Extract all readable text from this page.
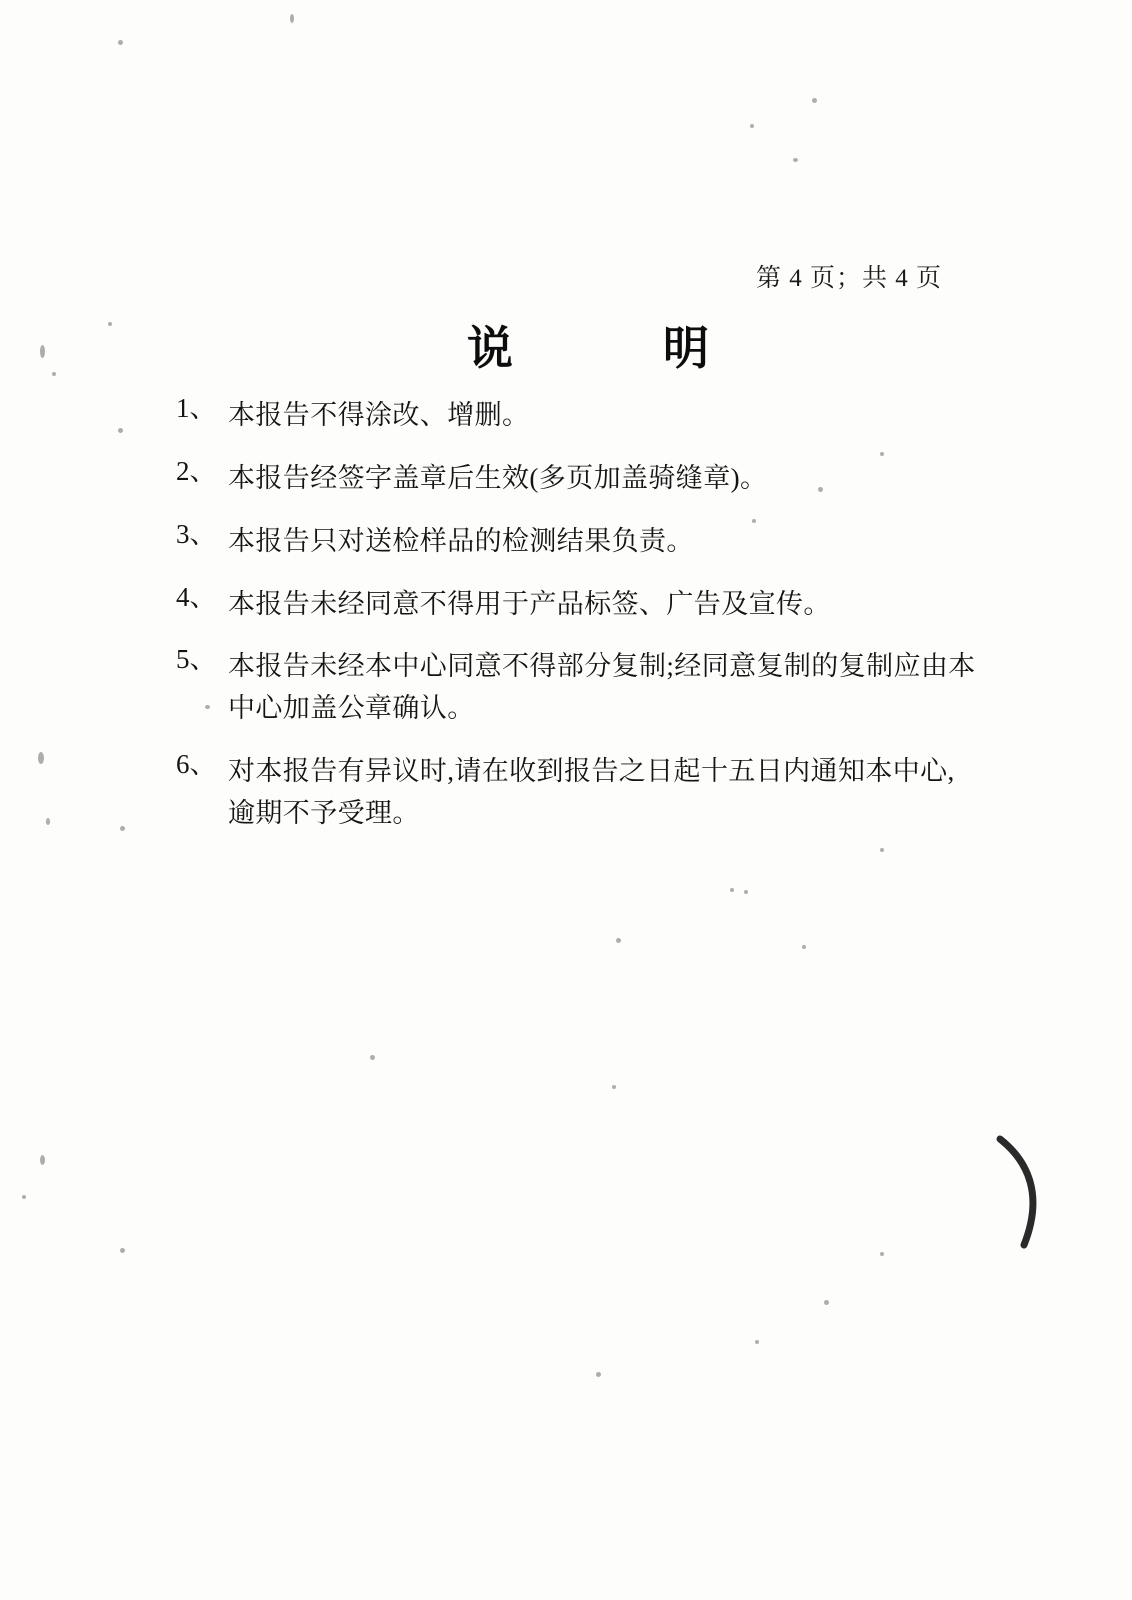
第 4 页；共 4 页
说　　明
1、 本报告不得涂改、增删。
2、 本报告经签字盖章后生效(多页加盖骑缝章)。
3、 本报告只对送检样品的检测结果负责。
4、 本报告未经同意不得用于产品标签、广告及宣传。
5、 本报告未经本中心同意不得部分复制;经同意复制的复制应由本中心加盖公章确认。
6、 对本报告有异议时,请在收到报告之日起十五日内通知本中心,逾期不予受理。
